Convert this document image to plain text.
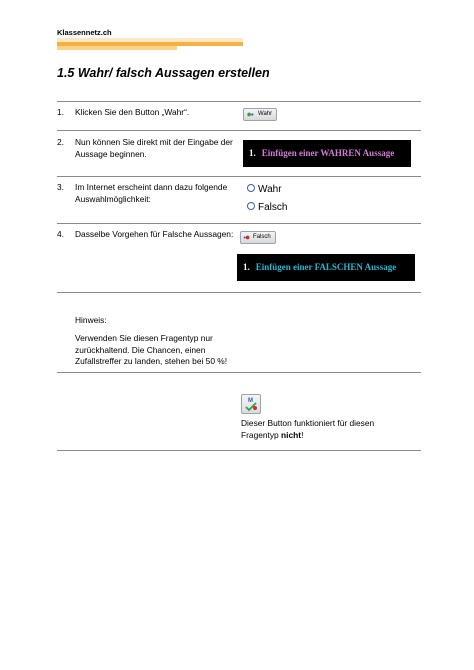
Klassennetz.ch
1.5 Wahr/ falsch Aussagen erstellen
1. Klicken Sie den Button „Wahr“.	Wahr
2. Nun können Sie direkt mit der Eingabe der Aussage beginnen.	1. Einfügen einer WAHREN Aussage
3. Im Internet erscheint dann dazu folgende Auswahlmöglichkeit:
Wahr
Falsch
4. Dasselbe Vorgehen für Falsche Aussagen:	Falsch
1. Einfügen einer FALSCHEN Aussage
Hinweis:
Verwenden Sie diesen Fragentyp nur zurückhaltend. Die Chancen, einen Zufallstreffer zu landen, stehen bei 50 %!
M
Dieser Button funktioniert für diesen Fragentyp nicht!
